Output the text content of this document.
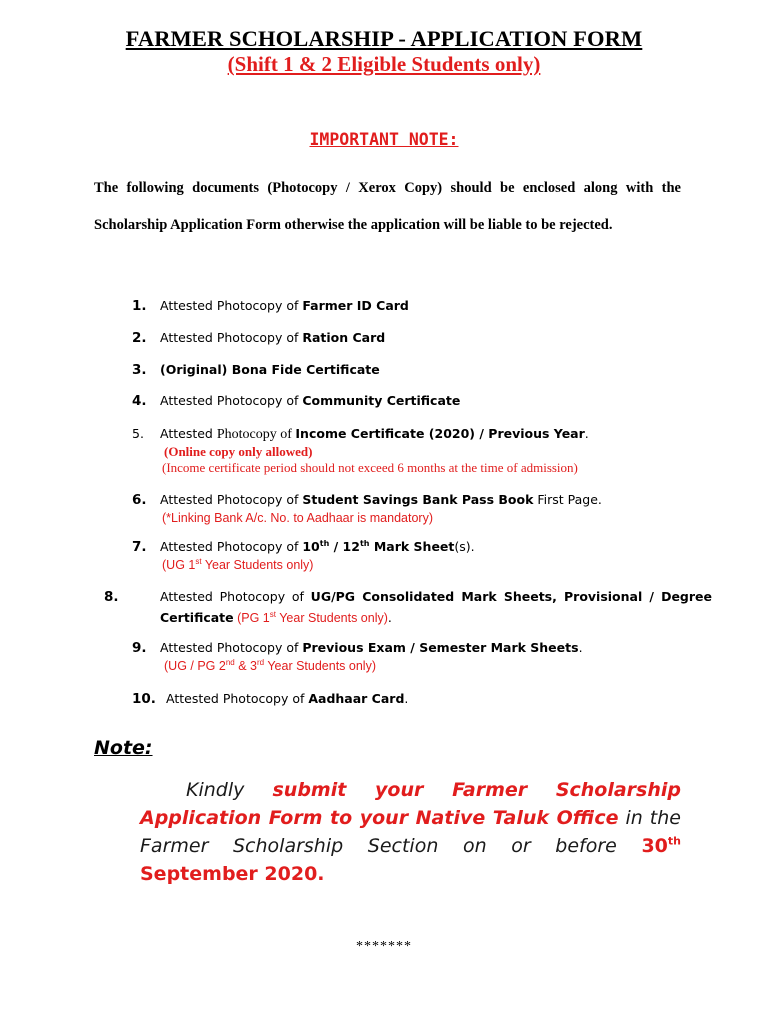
FARMER SCHOLARSHIP - APPLICATION FORM
(Shift 1 & 2 Eligible Students only)
IMPORTANT NOTE:
The following documents (Photocopy / Xerox Copy) should be enclosed along with the Scholarship Application Form otherwise the application will be liable to be rejected.
1. Attested Photocopy of Farmer ID Card
2. Attested Photocopy of Ration Card
3. (Original) Bona Fide Certificate
4. Attested Photocopy of Community Certificate
5. Attested Photocopy of Income Certificate (2020) / Previous Year.
(Online copy only allowed)
(Income certificate period should not exceed 6 months at the time of admission)
6. Attested Photocopy of Student Savings Bank Pass Book First Page.
(*Linking Bank A/c. No. to Aadhaar is mandatory)
7. Attested Photocopy of 10th / 12th Mark Sheet(s).
(UG 1st Year Students only)
8.	Attested Photocopy of UG/PG Consolidated Mark Sheets, Provisional / Degree Certificate (PG 1st Year Students only).
9. Attested Photocopy of Previous Exam / Semester Mark Sheets.
(UG / PG 2nd & 3rd Year Students only)
10. Attested Photocopy of Aadhaar Card.
Note:
Kindly submit your Farmer Scholarship Application Form to your Native Taluk Office in the Farmer Scholarship Section on or before 30th September 2020.
*******
